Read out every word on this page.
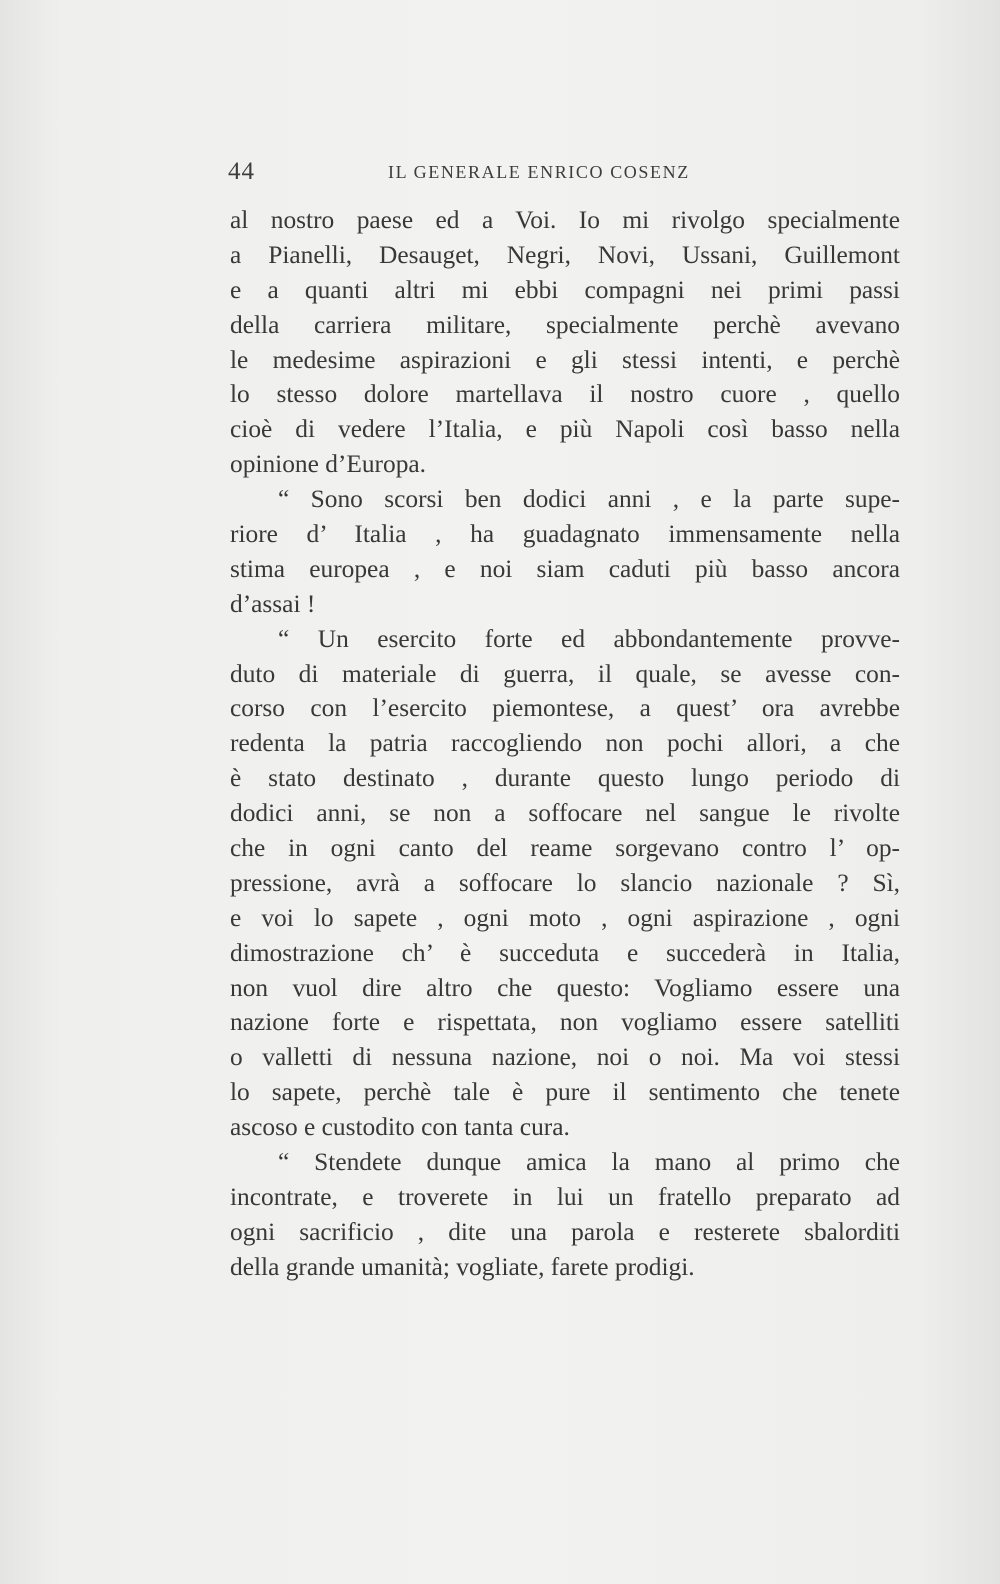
44	IL GENERALE ENRICO COSENZ
al nostro paese ed a Voi. Io mi rivolgo specialmente
a Pianelli, Desauget, Negri, Novi, Ussani, Guillemont
e a quanti altri mi ebbi compagni nei primi passi
della carriera militare, specialmente perchè avevano
le medesime aspirazioni e gli stessi intenti, e perchè
lo stesso dolore martellava il nostro cuore , quello
cioè di vedere l’Italia, e più Napoli così basso nella
opinione d’Europa.
“ Sono scorsi ben dodici anni , e la parte supe-
riore d’ Italia , ha guadagnato immensamente nella
stima europea , e noi siam caduti più basso ancora
d’assai !
“ Un esercito forte ed abbondantemente provve-
duto di materiale di guerra, il quale, se avesse con-
corso con l’esercito piemontese, a quest’ ora avrebbe
redenta la patria raccogliendo non pochi allori, a che
è stato destinato , durante questo lungo periodo di
dodici anni, se non a soffocare nel sangue le rivolte
che in ogni canto del reame sorgevano contro l’ op-
pressione, avrà a soffocare lo slancio nazionale ? Sì,
e voi lo sapete , ogni moto , ogni aspirazione , ogni
dimostrazione ch’ è succeduta e succederà in Italia,
non vuol dire altro che questo: Vogliamo essere una
nazione forte e rispettata, non vogliamo essere satelliti
o valletti di nessuna nazione, noi o noi. Ma voi stessi
lo sapete, perchè tale è pure il sentimento che tenete
ascoso e custodito con tanta cura.
“ Stendete dunque amica la mano al primo che
incontrate, e troverete in lui un fratello preparato ad
ogni sacrificio , dite una parola e resterete sbalorditi
della grande umanità; vogliate, farete prodigi.
